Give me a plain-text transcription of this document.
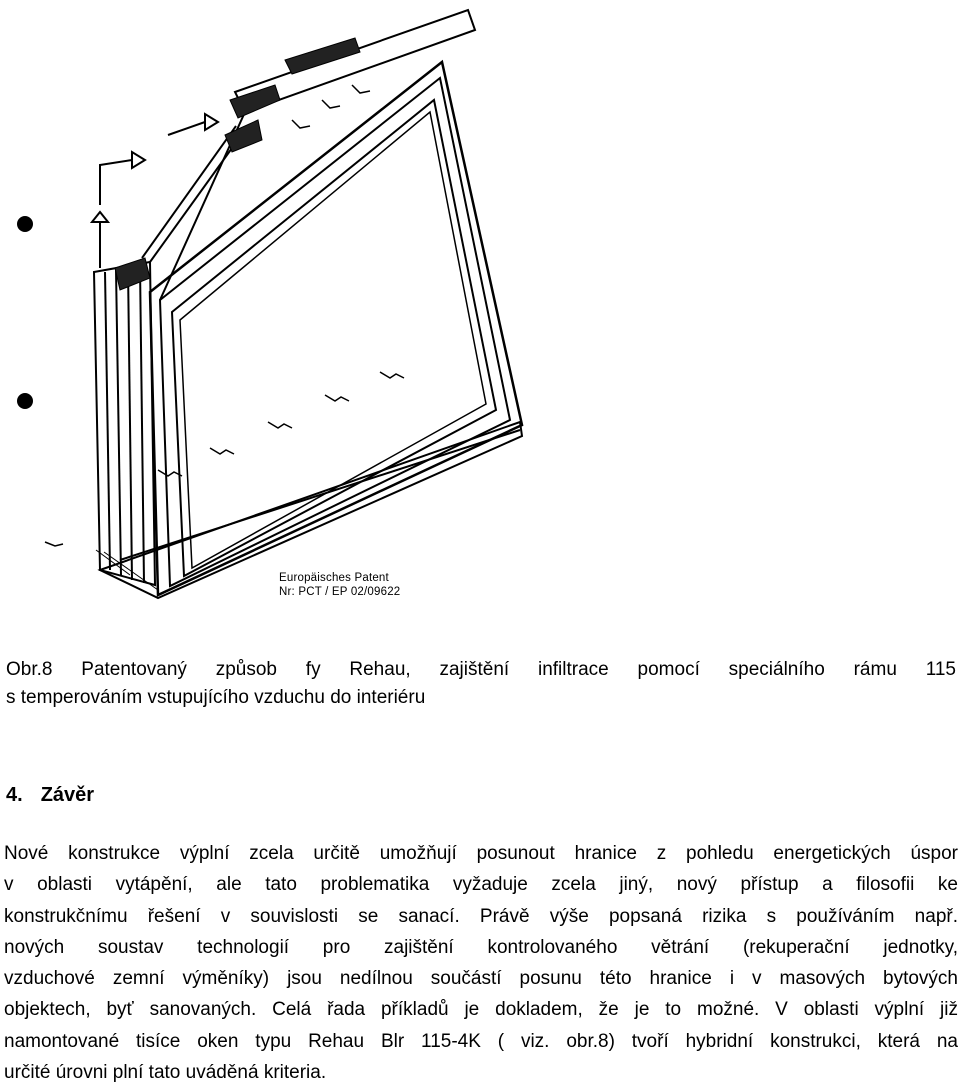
Europäisches Patent
Nr: PCT / EP 02/09622
Obr.8 Patentovaný způsob fy Rehau, zajištění infiltrace pomocí speciálního rámu 115
s temperováním vstupujícího vzduchu do interiéru
4. Závěr
Nové konstrukce výplní zcela určitě umožňují posunout hranice z pohledu energetických úspor
v oblasti vytápění, ale tato problematika vyžaduje zcela jiný, nový přístup a filosofii ke
konstrukčnímu řešení v souvislosti se sanací. Právě výše popsaná rizika s používáním např.
nových soustav technologií pro zajištění kontrolovaného větrání (rekuperační jednotky,
vzduchové zemní výměníky) jsou nedílnou součástí posunu této hranice i v masových bytových
objektech, byť sanovaných. Celá řada příkladů je dokladem, že je to možné. V oblasti výplní již
namontované tisíce oken typu Rehau Blr 115-4K ( viz. obr.8) tvoří hybridní konstrukci, která na
určité úrovni plní tato uváděná kriteria.
